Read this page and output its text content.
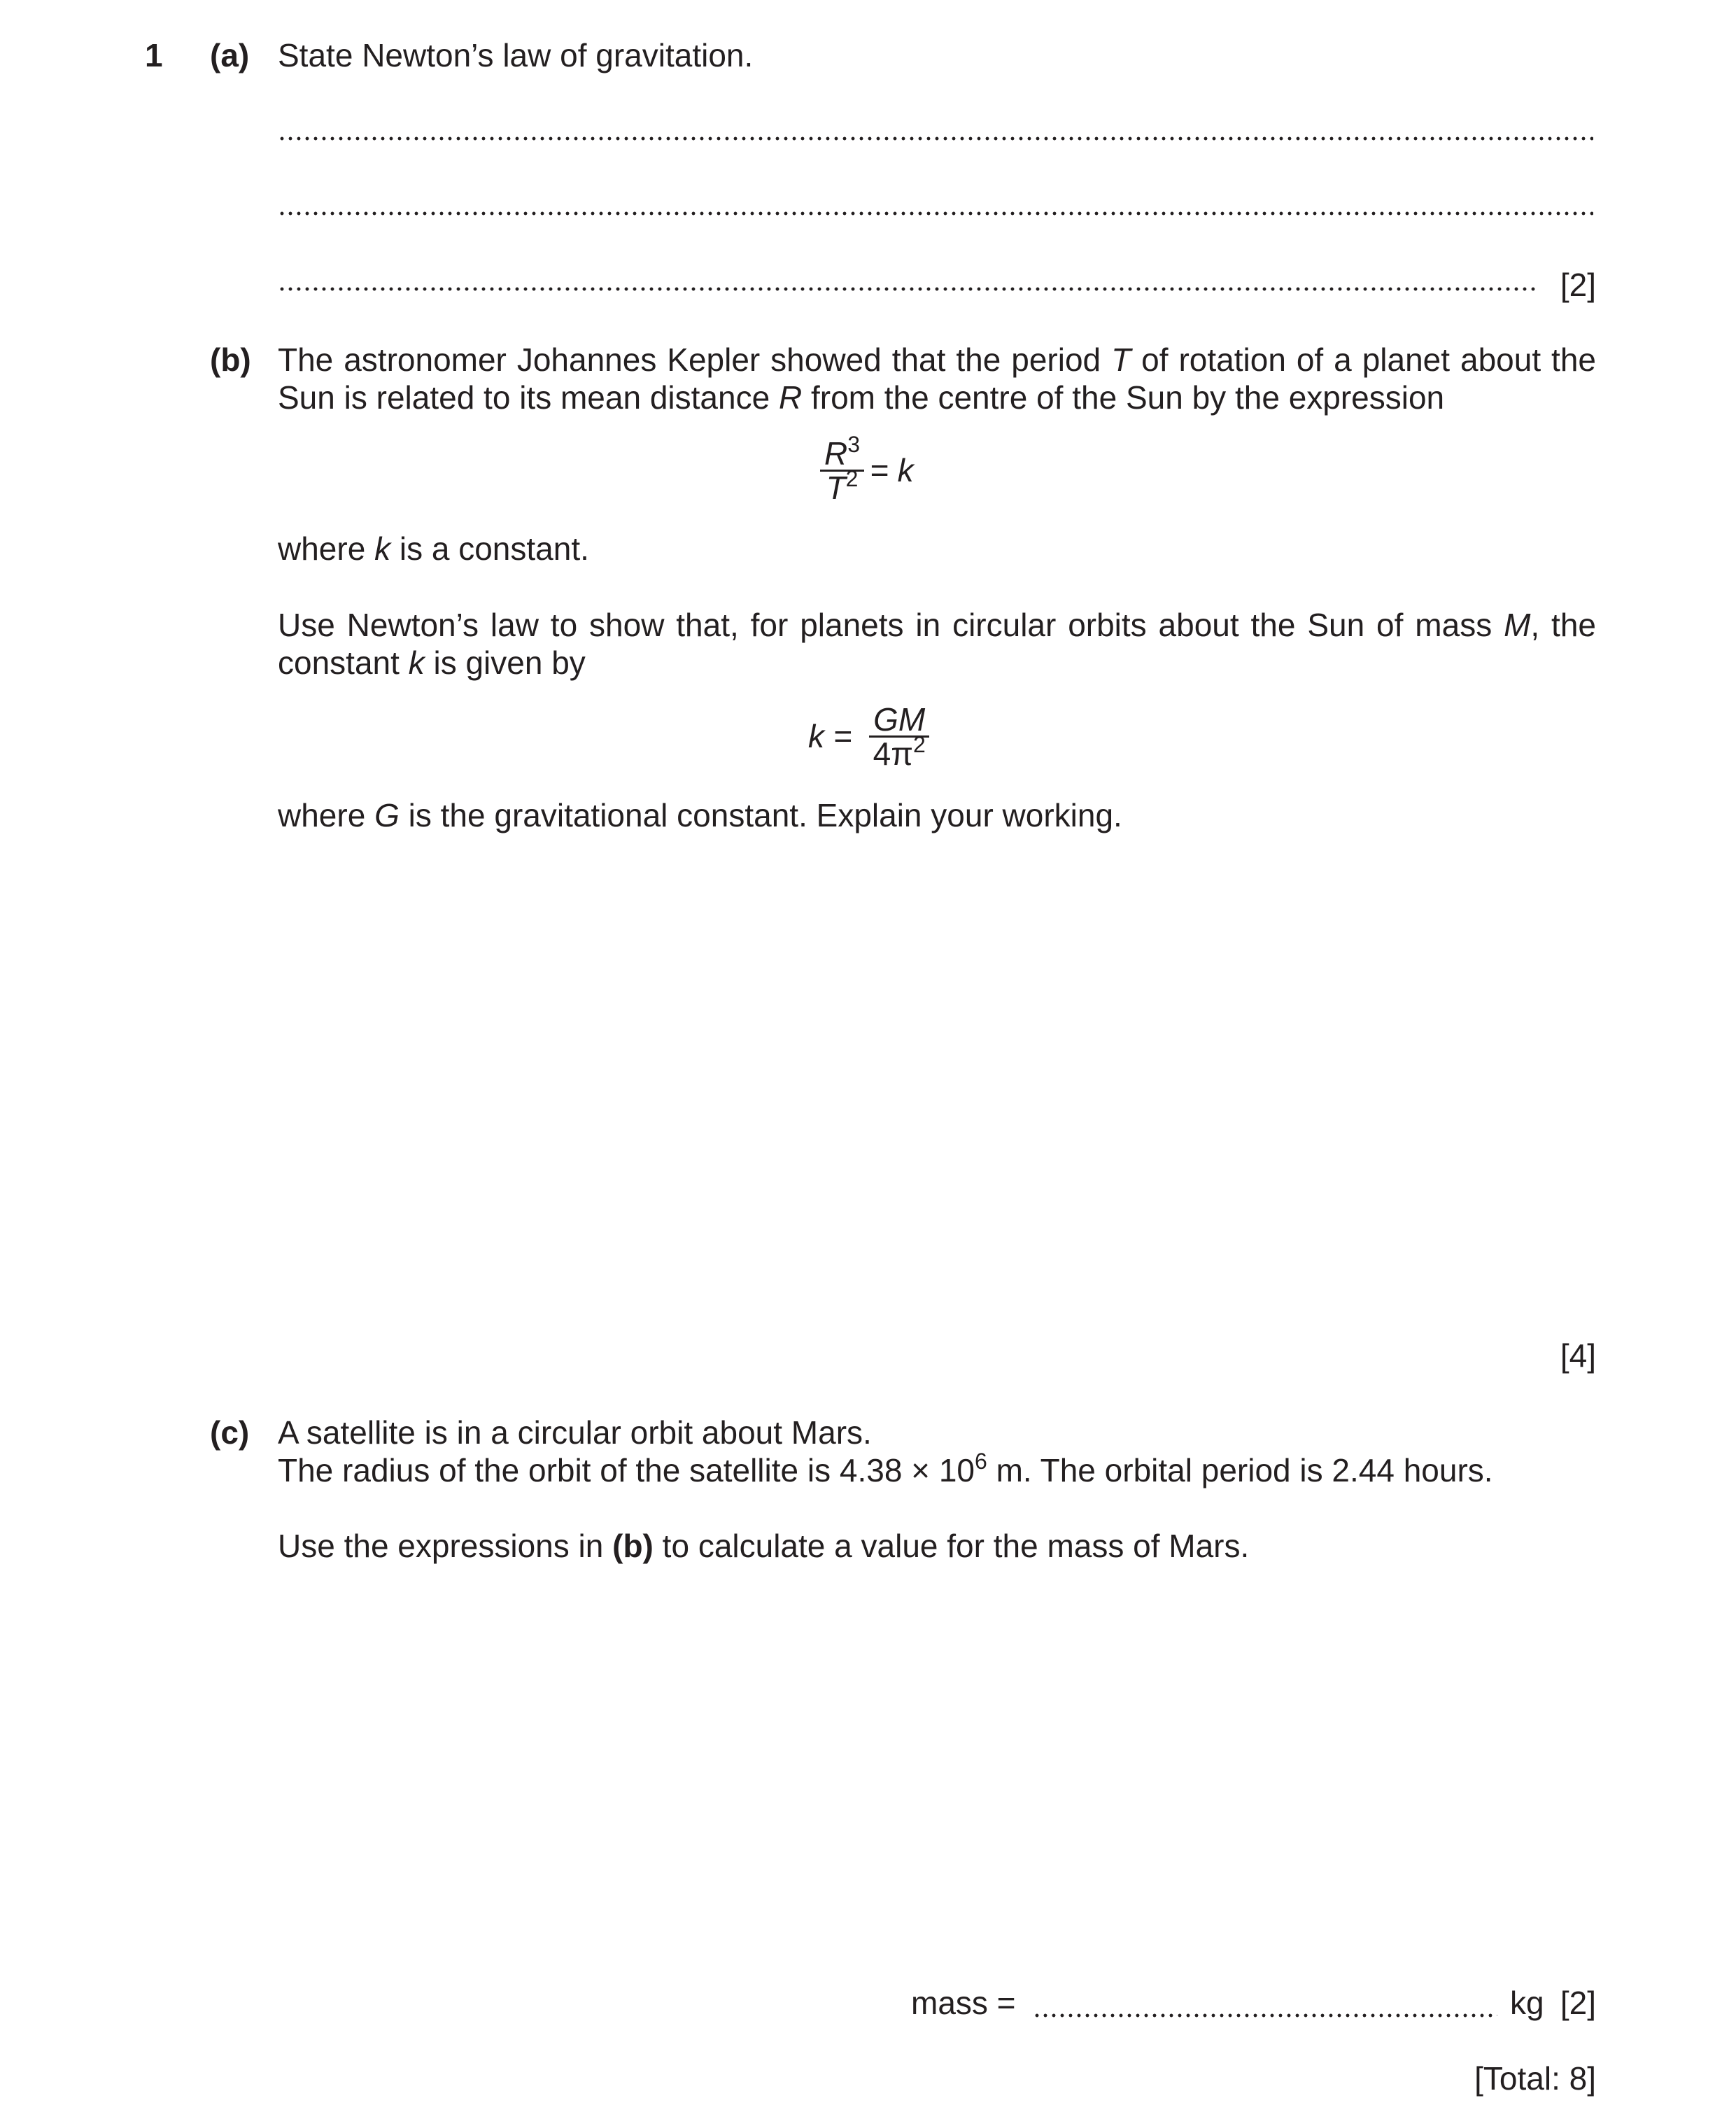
1 (a) State Newton’s law of gravitation.
[2]
(b) The astronomer Johannes Kepler showed that the period T of rotation of a planet about the
Sun is related to its mean distance R from the centre of the Sun by the expression
$\frac{R^3}{T^2} = k$
where k is a constant.
Use Newton’s law to show that, for planets in circular orbits about the Sun of mass M, the
constant k is given by
$k = \frac{GM}{4\pi^2}$
where G is the gravitational constant. Explain your working.
[4]
(c) A satellite is in a circular orbit about Mars.
The radius of the orbit of the satellite is $4.38 \times 10^6$ m. The orbital period is 2.44 hours.
Use the expressions in (b) to calculate a value for the mass of Mars.
mass =	kg [2]
[Total: 8]
